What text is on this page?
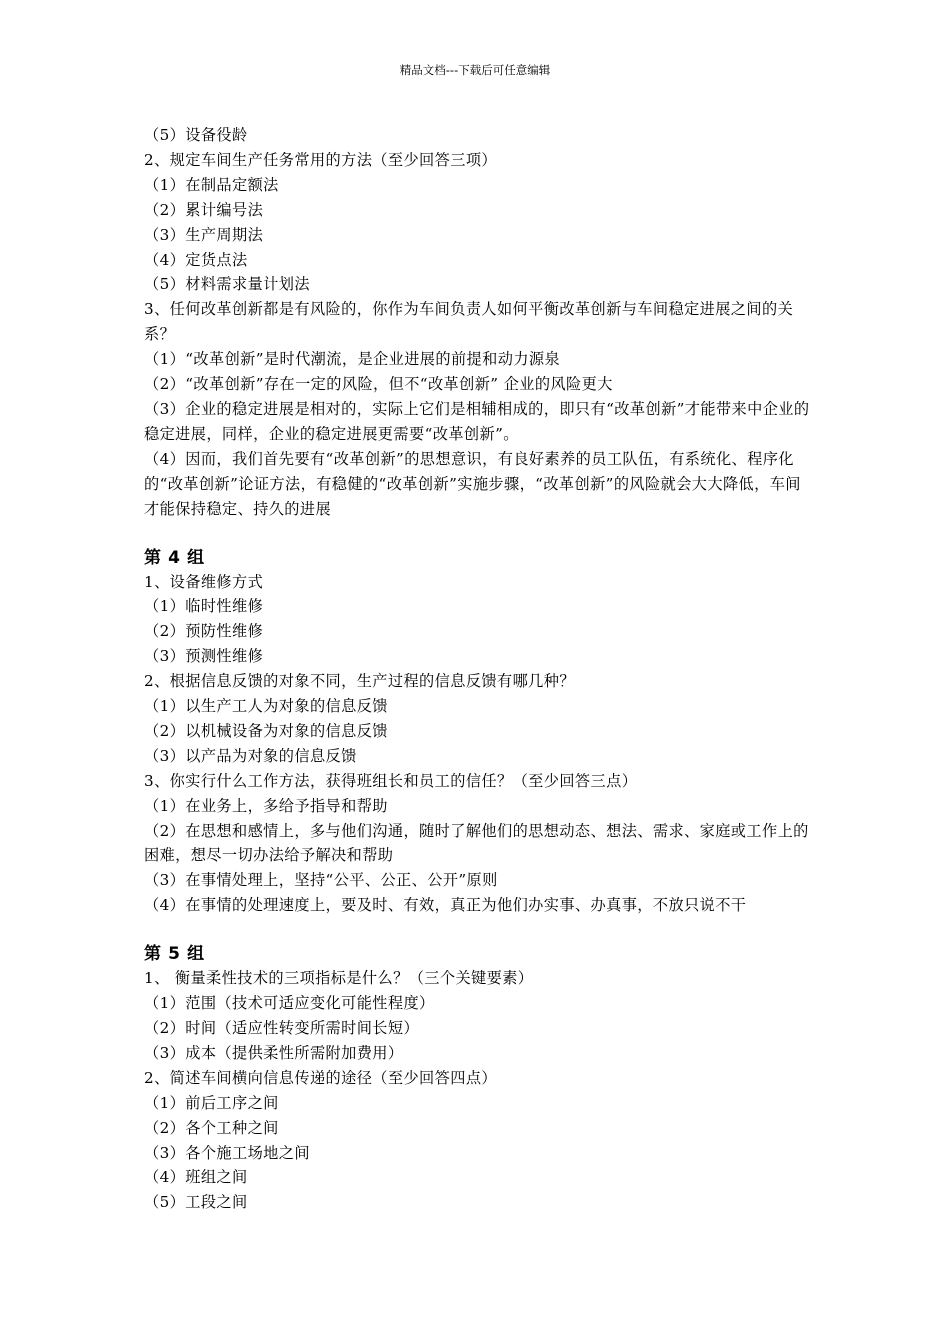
精品文档---下载后可任意编辑
（5）设备役龄
2、规定车间生产任务常用的方法（至少回答三项）
（1）在制品定额法
（2）累计编号法
（3）生产周期法
（4）定货点法
（5）材料需求量计划法
3、任何改革创新都是有风险的，你作为车间负责人如何平衡改革创新与车间稳定进展之间的关系？
（1）“改革创新”是时代潮流，是企业进展的前提和动力源泉
（2）“改革创新”存在一定的风险，但不“改革创新” 企业的风险更大
（3）企业的稳定进展是相对的，实际上它们是相辅相成的，即只有“改革创新”才能带来中企业的稳定进展，同样，企业的稳定进展更需要“改革创新”。
（4）因而，我们首先要有“改革创新”的思想意识，有良好素养的员工队伍，有系统化、程序化的“改革创新”论证方法，有稳健的“改革创新”实施步骤，“改革创新”的风险就会大大降低，车间才能保持稳定、持久的进展
第 4 组
1、设备维修方式
（1）临时性维修
（2）预防性维修
（3）预测性维修
2、根据信息反馈的对象不同，生产过程的信息反馈有哪几种？
（1）以生产工人为对象的信息反馈
（2）以机械设备为对象的信息反馈
（3）以产品为对象的信息反馈
3、你实行什么工作方法，获得班组长和员工的信任？（至少回答三点）
（1）在业务上，多给予指导和帮助
（2）在思想和感情上，多与他们沟通，随时了解他们的思想动态、想法、需求、家庭或工作上的困难，想尽一切办法给予解决和帮助
（3）在事情处理上，坚持“公平、公正、公开”原则
（4）在事情的处理速度上，要及时、有效，真正为他们办实事、办真事，不放只说不干
第 5 组
1、 衡量柔性技术的三项指标是什么？（三个关键要素）
（1）范围（技术可适应变化可能性程度）
（2）时间（适应性转变所需时间长短）
（3）成本（提供柔性所需附加费用）
2、简述车间横向信息传递的途径（至少回答四点）
（1）前后工序之间
（2）各个工种之间
（3）各个施工场地之间
（4）班组之间
（5）工段之间
